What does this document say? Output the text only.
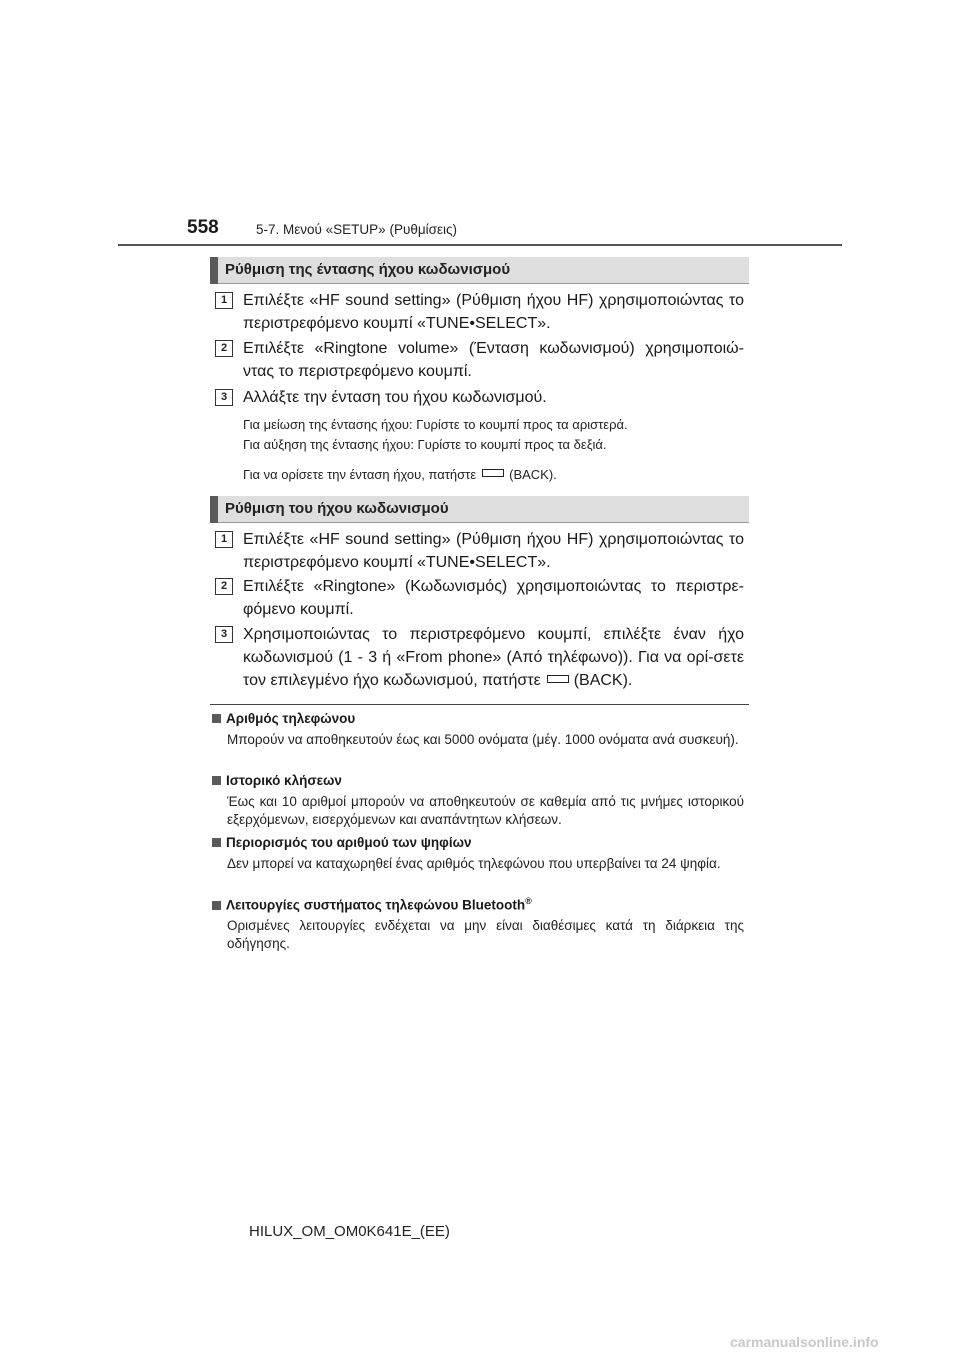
558	5-7. Μενού «SETUP» (Ρυθμίσεις)
Ρύθμιση της έντασης ήχου κωδωνισμού
1 Επιλέξτε «HF sound setting» (Ρύθμιση ήχου HF) χρησιμοποιώντας το περιστρεφόμενο κουμπί «TUNE•SELECT».
2 Επιλέξτε «Ringtone volume» (Ένταση κωδωνισμού) χρησιμοποιώ-ντας το περιστρεφόμενο κουμπί.
3 Αλλάξτε την ένταση του ήχου κωδωνισμού.
Για μείωση της έντασης ήχου: Γυρίστε το κουμπί προς τα αριστερά.
Για αύξηση της έντασης ήχου: Γυρίστε το κουμπί προς τα δεξιά.
Για να ορίσετε την ένταση ήχου, πατήστε	(BACK).
Ρύθμιση του ήχου κωδωνισμού
1 Επιλέξτε «HF sound setting» (Ρύθμιση ήχου HF) χρησιμοποιώντας το περιστρεφόμενο κουμπί «TUNE•SELECT».
2 Επιλέξτε «Ringtone» (Κωδωνισμός) χρησιμοποιώντας το περιστρε-φόμενο κουμπί.
3 Χρησιμοποιώντας το περιστρεφόμενο κουμπί, επιλέξτε έναν ήχο κωδωνισμού (1 - 3 ή «From phone» (Από τηλέφωνο)). Για να ορί-σετε τον επιλεγμένο ήχο κωδωνισμού, πατήστε (BACK).
Αριθμός τηλεφώνου
Μπορούν να αποθηκευτούν έως και 5000 ονόματα (μέγ. 1000 ονόματα ανά συσκευή).
Ιστορικό κλήσεων
Έως και 10 αριθμοί μπορούν να αποθηκευτούν σε καθεμία από τις μνήμες ιστορικού εξερχόμενων, εισερχόμενων και αναπάντητων κλήσεων.
Περιορισμός του αριθμού των ψηφίων
Δεν μπορεί να καταχωρηθεί ένας αριθμός τηλεφώνου που υπερβαίνει τα 24 ψηφία.
Λειτουργίες συστήματος τηλεφώνου Bluetooth®
Ορισμένες λειτουργίες ενδέχεται να μην είναι διαθέσιμες κατά τη διάρκεια της οδήγησης.
HILUX_OM_OM0K641E_(EE)
carmanualsonline.info
